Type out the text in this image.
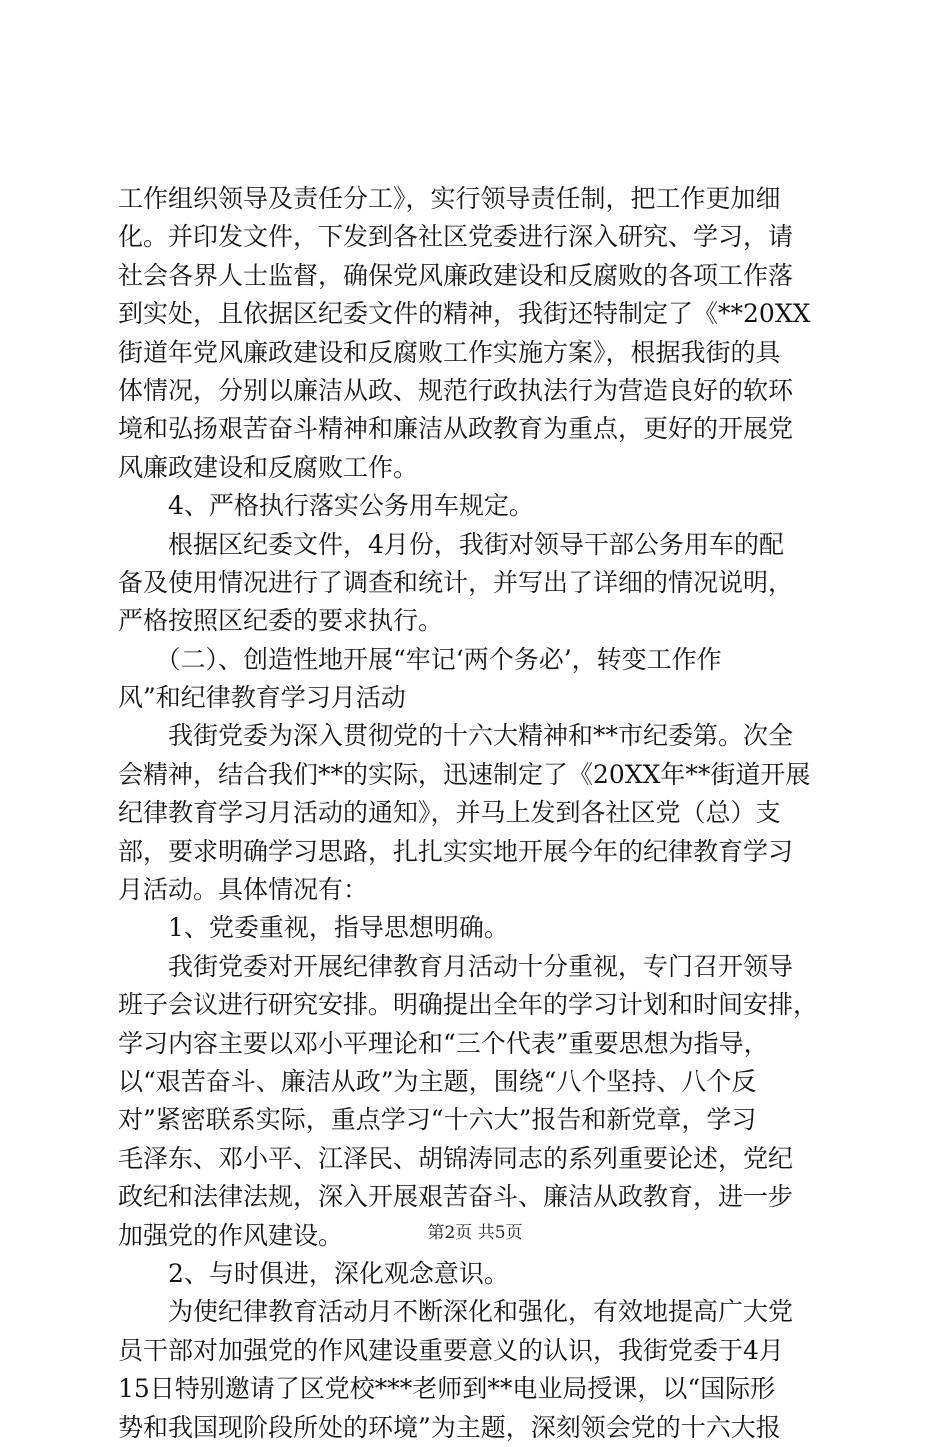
工作组织领导及责任分工》，实行领导责任制，把工作更加细
化。并印发文件，下发到各社区党委进行深入研究、学习，请
社会各界人士监督，确保党风廉政建设和反腐败的各项工作落
到实处，且依据区纪委文件的精神，我街还特制定了《**20XX
街道年党风廉政建设和反腐败工作实施方案》，根据我街的具
体情况，分别以廉洁从政、规范行政执法行为营造良好的软环
境和弘扬艰苦奋斗精神和廉洁从政教育为重点，更好的开展党
风廉政建设和反腐败工作。
　　4、严格执行落实公务用车规定。
　　根据区纪委文件，4月份，我街对领导干部公务用车的配
备及使用情况进行了调查和统计，并写出了详细的情况说明，
严格按照区纪委的要求执行。
　　（二）、创造性地开展“牢记‘两个务必’，转变工作作
风”和纪律教育学习月活动
　　我街党委为深入贯彻党的十六大精神和**市纪委第。次全
会精神，结合我们**的实际，迅速制定了《20XX年**街道开展
纪律教育学习月活动的通知》，并马上发到各社区党（总）支
部，要求明确学习思路，扎扎实实地开展今年的纪律教育学习
月活动。具体情况有：
　　1、党委重视，指导思想明确。
　　我街党委对开展纪律教育月活动十分重视，专门召开领导
班子会议进行研究安排。明确提出全年的学习计划和时间安排，
学习内容主要以邓小平理论和“三个代表”重要思想为指导，
以“艰苦奋斗、廉洁从政”为主题，围绕“八个坚持、八个反
对”紧密联系实际，重点学习“十六大”报告和新党章，学习
毛泽东、邓小平、江泽民、胡锦涛同志的系列重要论述，党纪
政纪和法律法规，深入开展艰苦奋斗、廉洁从政教育，进一步
加强党的作风建设。
　　2、与时俱进，深化观念意识。
　　为使纪律教育活动月不断深化和强化，有效地提高广大党
员干部对加强党的作风建设重要意义的认识，我街党委于4月
15日特别邀请了区党校***老师到**电业局授课，以“国际形
势和我国现阶段所处的环境”为主题，深刻领会党的十六大报
第2页 共5页
